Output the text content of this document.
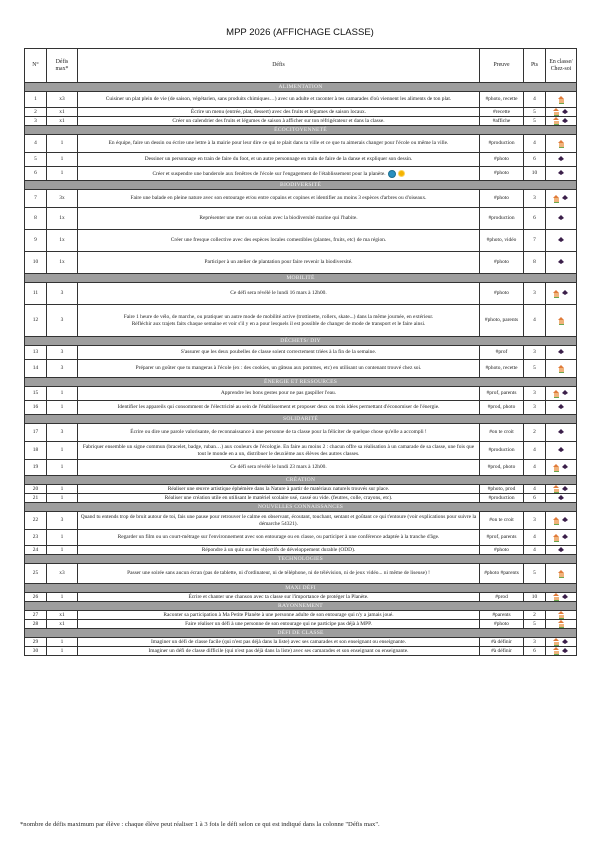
MPP 2026 (AFFICHAGE CLASSE)
N°	Défis max*	Défis	Preuve	Pts	En classe/ Chez-soi
ALIMENTATION					
1	x3	Cuisiner un plat plein de vie (de saison, végétarien, sans produits chimiques…) avec un adulte et raconter à tes camarades d'où viennent les aliments de ton plat.	#photo, recette	4	
2	x1	Écrire un menu (entrée, plat, dessert) avec des fruits et légumes de saison locaux.	#recette	5	
3	x1	Créer un calendrier des fruits et légumes de saison à afficher sur ton réfrigérateur et dans la classe.	#affiche	5	
ÉCOCITOYENNETÉ					
4	1	En équipe, faire un dessin ou écrire une lettre à la mairie pour leur dire ce qui te plait dans ta ville et ce que tu aimerais changer pour l'école ou même la ville.	#production	4	
5	1	Dessiner un personnage en train de faire du foot, et un autre personnage en train de faire de la danse et expliquer son dessin.	#photo	6	
6	1	Créer et suspendre une banderole aux fenêtres de l'école sur l'engagement de l'établissement pour la planète.	#photo	10	
BIODIVERSITÉ					
7	3x	Faire une balade en pleine nature avec son entourage et/ou entre copains et copines et identifier au moins 3 espèces d'arbres ou d'oiseaux.	#photo	3	
8	1x	Représenter une mer ou un océan avec la biodiversité marine qui l'habite.	#production	6	
9	1x	Créer une fresque collective avec des espèces locales comestibles (plantes, fruits, etc) de ma région.	#photo, vidéo	7	
10	1x	Participer à un atelier de plantation pour faire revenir la biodiversité.	#photo	8	
MOBILITÉ					
11	3	Ce défi sera révélé le lundi 16 mars à 12h00.	#photo	3	
12	3	Faire 1 heure de vélo, de marche, ou pratiquer un autre mode de mobilité active (trottinette, rollers, skate...) dans la même journée, en extérieur.
Réfléchir aux trajets faits chaque semaine et voir s'il y en a pour lesquels il est possible de changer de mode de transport et le faire ainsi.	#photo, parents	4	
DÉCHETS/ DIY					
13	3	S'assurer que les deux poubelles de classe soient correctement triées à la fin de la semaine.	#prof	3	
14	3	Préparer un goûter que tu mangeras à l'école (ex : des cookies, un gâteau aux pommes, etc) en utilisant un contenant trouvé chez soi.	#photo, recette	5	
ÉNERGIE ET RESSOURCES					
15	1	Apprendre les bons gestes pour ne pas gaspiller l'eau.	#prof, parents	3	
16	1	Identifier les appareils qui consomment de l'électricité au sein de l'établissement et proposer deux ou trois idées permettant d'économiser de l'énergie.	#prod, photo	3	
SOLIDARITÉ					
17	3	Écrire ou dire une parole valorisante, de reconnaissance à une personne de ta classe pour la féliciter de quelque chose qu'elle a accompli !	#on te croit	2	
18	1	Fabriquer ensemble un signe commun (bracelet, badge, ruban…) aux couleurs de l'écologie. En faire au moins 2 : chacun offre sa réalisation à un camarade de sa classe, une fois que tout le monde en a un, distribuer le deuxième aux élèves des autres classes.	#production	4	
19	1	Ce défi sera révélé le lundi 23 mars à 12h00.	#prod, photo	4	
CRÉATION					
20	1	Réaliser une œuvre artistique éphémère dans la Nature à partir de matériaux naturels trouvés sur place.	#photo, prod	4	
21	1	Réaliser une création utile en utilisant le matériel scolaire usé, cassé ou vide. (feutres, colle, crayons, etc).	#production	6	
NOUVELLES CONNAISSANCES					
22	3	Quand tu entends trop de bruit autour de toi, fais une pause pour retrouver le calme en observant, écoutant, touchant, sentant et goûtant ce qui t'entoure (voir explications pour suivre la démarche 54321).	#on te croit	3	
23	1	Regarder un film ou un court-métrage sur l'environnement avec son entourage ou en classe, ou participer à une conférence adaptée à la tranche d'âge.	#prof, parents	4	
24	1	Répondre à un quiz sur les objectifs de développement durable (ODD).	#photo	4	
TECHNOLOGIES					
25	x3	Passer une soirée sans aucun écran (pas de tablette, ni d'ordinateur, ni de téléphone, ni de télévision, ni de jeux vidéo... ni même de liseuse) !	#photo #parents	5	
MAXI DÉFI					
26	1	Écrire et chanter une chanson avec ta classe sur l'importance de protéger la Planète.	#prod	10	
RAYONNEMENT					
27	x1	Raconter sa participation à Ma Petite Planète à une personne adulte de son entourage qui n'y a jamais joué.	#parents	2	
28	x1	Faire réaliser un défi à une personne de son entourage qui ne participe pas déjà à MPP.	#photo	5	
DÉFI DE CLASSE					
29	1	Imaginer un défi de classe facile (qui n'est pas déjà dans la liste) avec ses camarades et son enseignant ou enseignante.	#à définir	3	
30	1	Imaginer un défi de classe difficile (qui n'est pas déjà dans la liste) avec ses camarades et son enseignant ou enseignante.	#à définir	6	
*nombre de défis maximum par élève : chaque élève peut réaliser 1 à 3 fois le défi selon ce qui est indiqué dans la colonne "Défis max".
